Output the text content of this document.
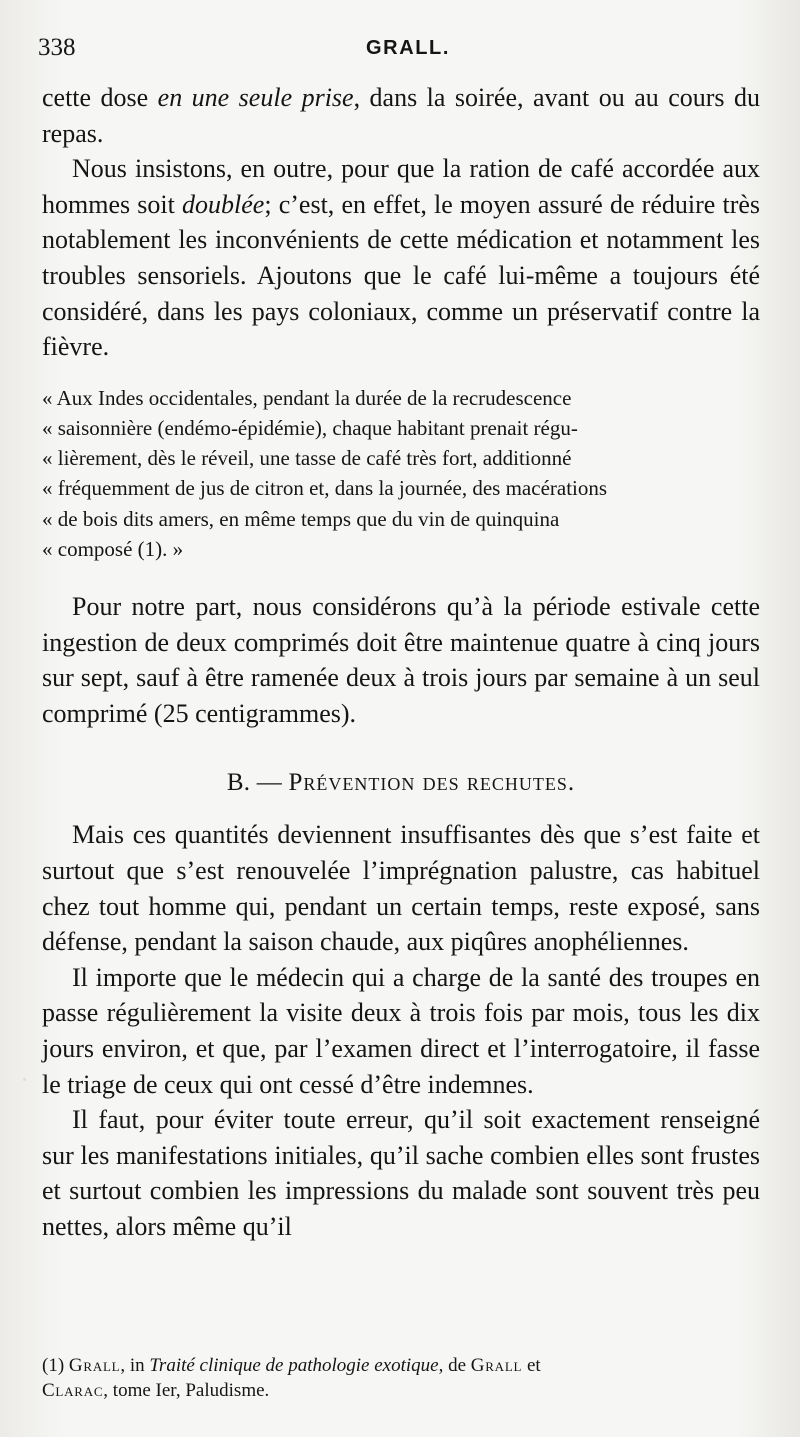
338	GRALL.

cette dose en une seule prise, dans la soirée, avant ou au cours du repas.

Nous insistons, en outre, pour que la ration de café accordée aux hommes soit doublée; c’est, en effet, le moyen assuré de réduire très notablement les inconvénients de cette médication et notamment les troubles sensoriels. Ajoutons que le café lui-même a toujours été considéré, dans les pays coloniaux, comme un préservatif contre la fièvre.

« Aux Indes occidentales, pendant la durée de la recrudescence
« saisonnière (endémo-épidémie), chaque habitant prenait régu-
« lièrement, dès le réveil, une tasse de café très fort, additionné
« fréquemment de jus de citron et, dans la journée, des macérations
« de bois dits amers, en même temps que du vin de quinquina
« composé (1). »

Pour notre part, nous considérons qu’à la période estivale cette ingestion de deux comprimés doit être maintenue quatre à cinq jours sur sept, sauf à être ramenée deux à trois jours par semaine à un seul comprimé (25 centigrammes).

B. — Prévention des rechutes.

Mais ces quantités deviennent insuffisantes dès que s’est faite et surtout que s’est renouvelée l’imprégnation palustre, cas habituel chez tout homme qui, pendant un certain temps, reste exposé, sans défense, pendant la saison chaude, aux piqûres anophéliennes.

Il importe que le médecin qui a charge de la santé des troupes en passe régulièrement la visite deux à trois fois par mois, tous les dix jours environ, et que, par l’examen direct et l’interrogatoire, il fasse le triage de ceux qui ont cessé d’être indemnes.

Il faut, pour éviter toute erreur, qu’il soit exactement renseigné sur les manifestations initiales, qu’il sache combien elles sont frustes et surtout combien les impressions du malade sont souvent très peu nettes, alors même qu’il

(1) Grall, in Traité clinique de pathologie exotique, de Grall et
Clarac, tome Ier, Paludisme.
